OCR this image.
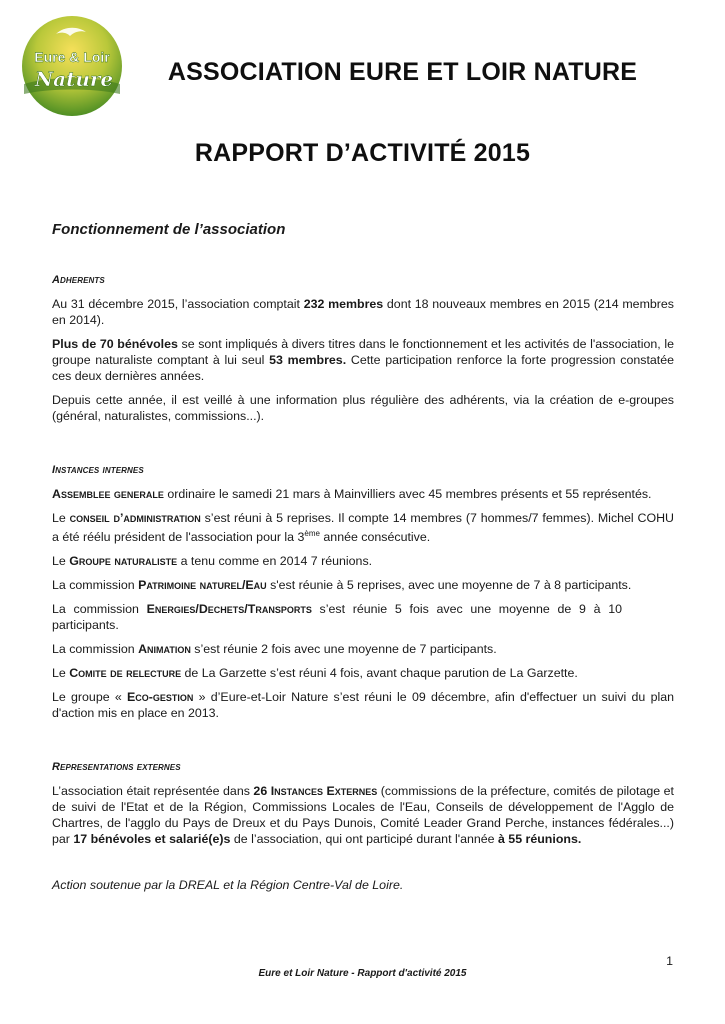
Eure & Loir
Nature	ASSOCIATION EURE ET LOIR NATURE
RAPPORT D’ACTIVITÉ 2015
Fonctionnement de l’association
Adherents

Au 31 décembre 2015, l’association comptait 232 membres dont 18 nouveaux membres en 2015 (214 membres en 2014).

Plus de 70 bénévoles se sont impliqués à divers titres dans le fonctionnement et les activités de l'association, le groupe naturaliste comptant à lui seul 53 membres. Cette participation renforce la forte progression constatée ces deux dernières années.

Depuis cette année, il est veillé à une information plus régulière des adhérents, via la création de e-groupes (général, naturalistes, commissions...).

Instances internes

Assemblee generale ordinaire le samedi 21 mars à Mainvilliers avec 45 membres présents et 55 représentés.

Le conseil d’administration s’est réuni à 5 reprises. Il compte 14 membres (7 hommes/7 femmes). Michel COHU a été réélu président de l'association pour la 3ème année consécutive.

Le Groupe naturaliste a tenu comme en 2014 7 réunions.

La commission Patrimoine naturel/Eau s'est réunie à 5 reprises, avec une moyenne de 7 à 8 participants.

La commission Energies/Dechets/Transports s’est réunie 5 fois avec une moyenne de 9 à 10 participants.

La commission Animation s’est réunie 2 fois avec une moyenne de 7 participants.

Le Comite de relecture de La Garzette s’est réuni 4 fois, avant chaque parution de La Garzette.

Le groupe « Eco-gestion » d’Eure-et-Loir Nature s’est réuni le 09 décembre, afin d'effectuer un suivi du plan d'action mis en place en 2013.

Representations externes

L’association était représentée dans 26 Instances Externes (commissions de la préfecture, comités de pilotage et de suivi de l'Etat et de la Région, Commissions Locales de l'Eau, Conseils de développement de l'Agglo de Chartres, de l'agglo du Pays de Dreux et du Pays Dunois, Comité Leader Grand Perche, instances fédérales...) par 17 bénévoles et salarié(e)s de l’association, qui ont participé durant l'année à 55 réunions.

Action soutenue par la DREAL et la Région Centre-Val de Loire.

1
Eure et Loir Nature - Rapport d'activité 2015
